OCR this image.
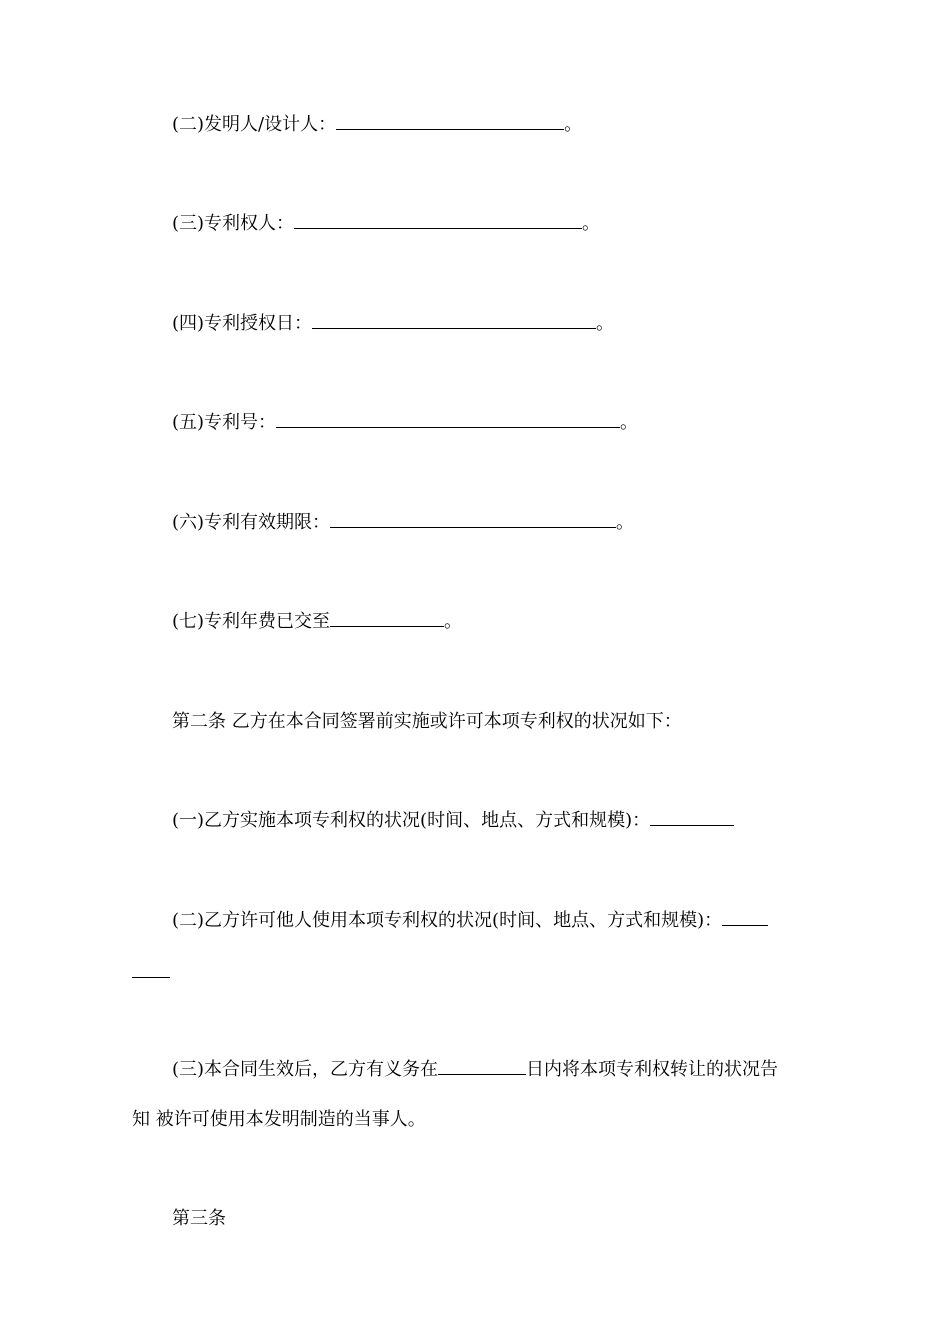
(二)发明人/设计人：	。
(三)专利权人：	。
(四)专利授权日：	。
(五)专利号：	。
(六)专利有效期限：	。
(七)专利年费已交至	。
第二条 乙方在本合同签署前实施或许可本项专利权的状况如下：
(一)乙方实施本项专利权的状况(时间、地点、方式和规模)：
(二)乙方许可他人使用本项专利权的状况(时间、地点、方式和规模)：
(三)本合同生效后，乙方有义务在	日内将本项专利权转让的状况告
知 被许可使用本发明制造的当事人。
第三条
